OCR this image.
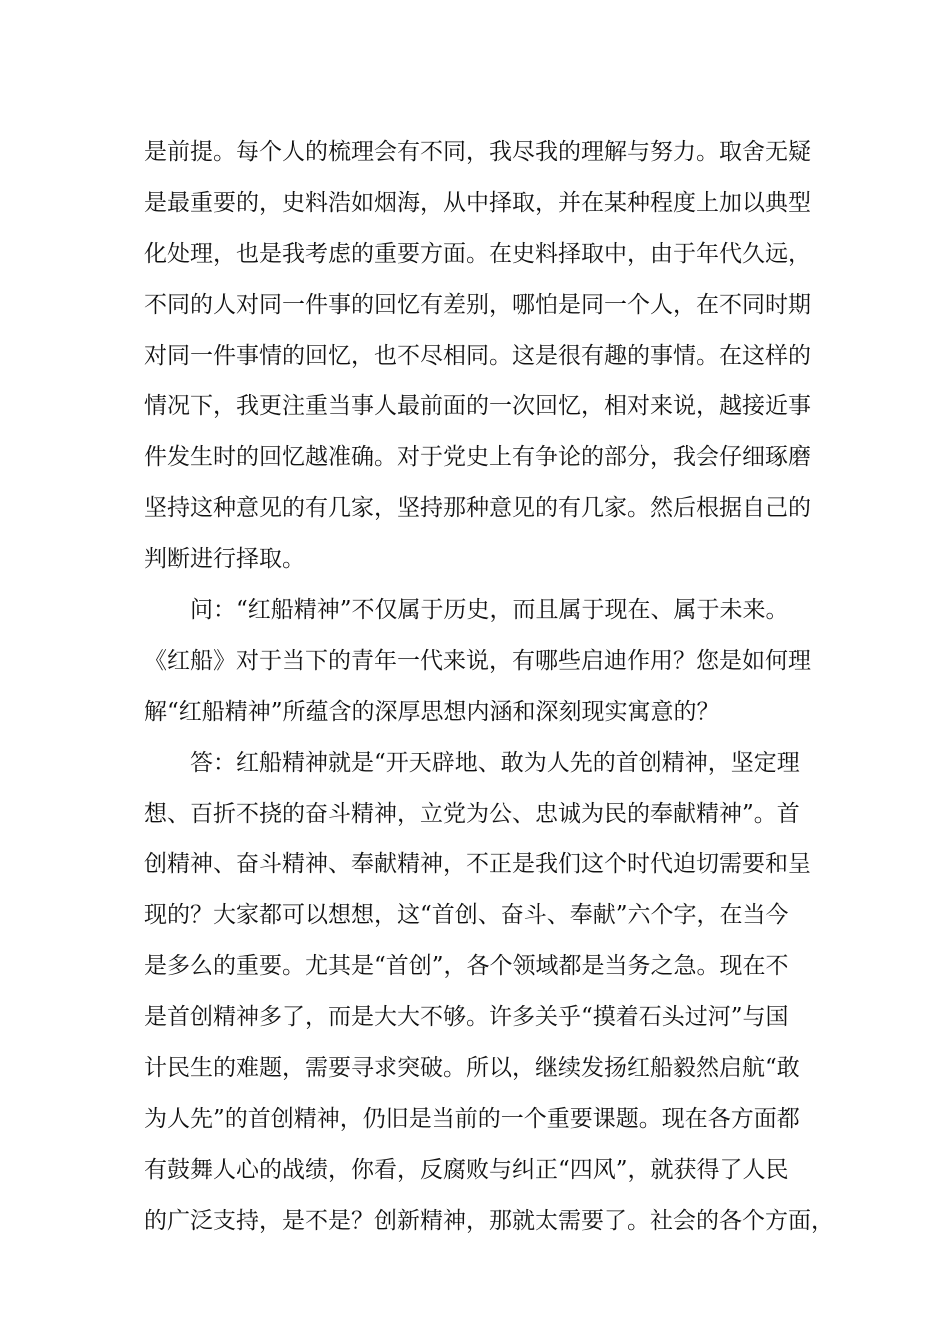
是前提。每个人的梳理会有不同，我尽我的理解与努力。取舍无疑
是最重要的，史料浩如烟海，从中择取，并在某种程度上加以典型
化处理，也是我考虑的重要方面。在史料择取中，由于年代久远，
不同的人对同一件事的回忆有差别，哪怕是同一个人，在不同时期
对同一件事情的回忆，也不尽相同。这是很有趣的事情。在这样的
情况下，我更注重当事人最前面的一次回忆，相对来说，越接近事
件发生时的回忆越准确。对于党史上有争论的部分，我会仔细琢磨
坚持这种意见的有几家，坚持那种意见的有几家。然后根据自己的
判断进行择取。
问：“红船精神”不仅属于历史，而且属于现在、属于未来。
《红船》对于当下的青年一代来说，有哪些启迪作用？您是如何理
解“红船精神”所蕴含的深厚思想内涵和深刻现实寓意的？
答：红船精神就是“开天辟地、敢为人先的首创精神，坚定理
想、百折不挠的奋斗精神，立党为公、忠诚为民的奉献精神”。首
创精神、奋斗精神、奉献精神，不正是我们这个时代迫切需要和呈
现的？大家都可以想想，这“首创、奋斗、奉献”六个字，在当今
是多么的重要。尤其是“首创”，各个领域都是当务之急。现在不
是首创精神多了，而是大大不够。许多关乎“摸着石头过河”与国
计民生的难题，需要寻求突破。所以，继续发扬红船毅然启航“敢
为人先”的首创精神，仍旧是当前的一个重要课题。现在各方面都
有鼓舞人心的战绩，你看，反腐败与纠正“四风”，就获得了人民
的广泛支持，是不是？创新精神，那就太需要了。社会的各个方面，
